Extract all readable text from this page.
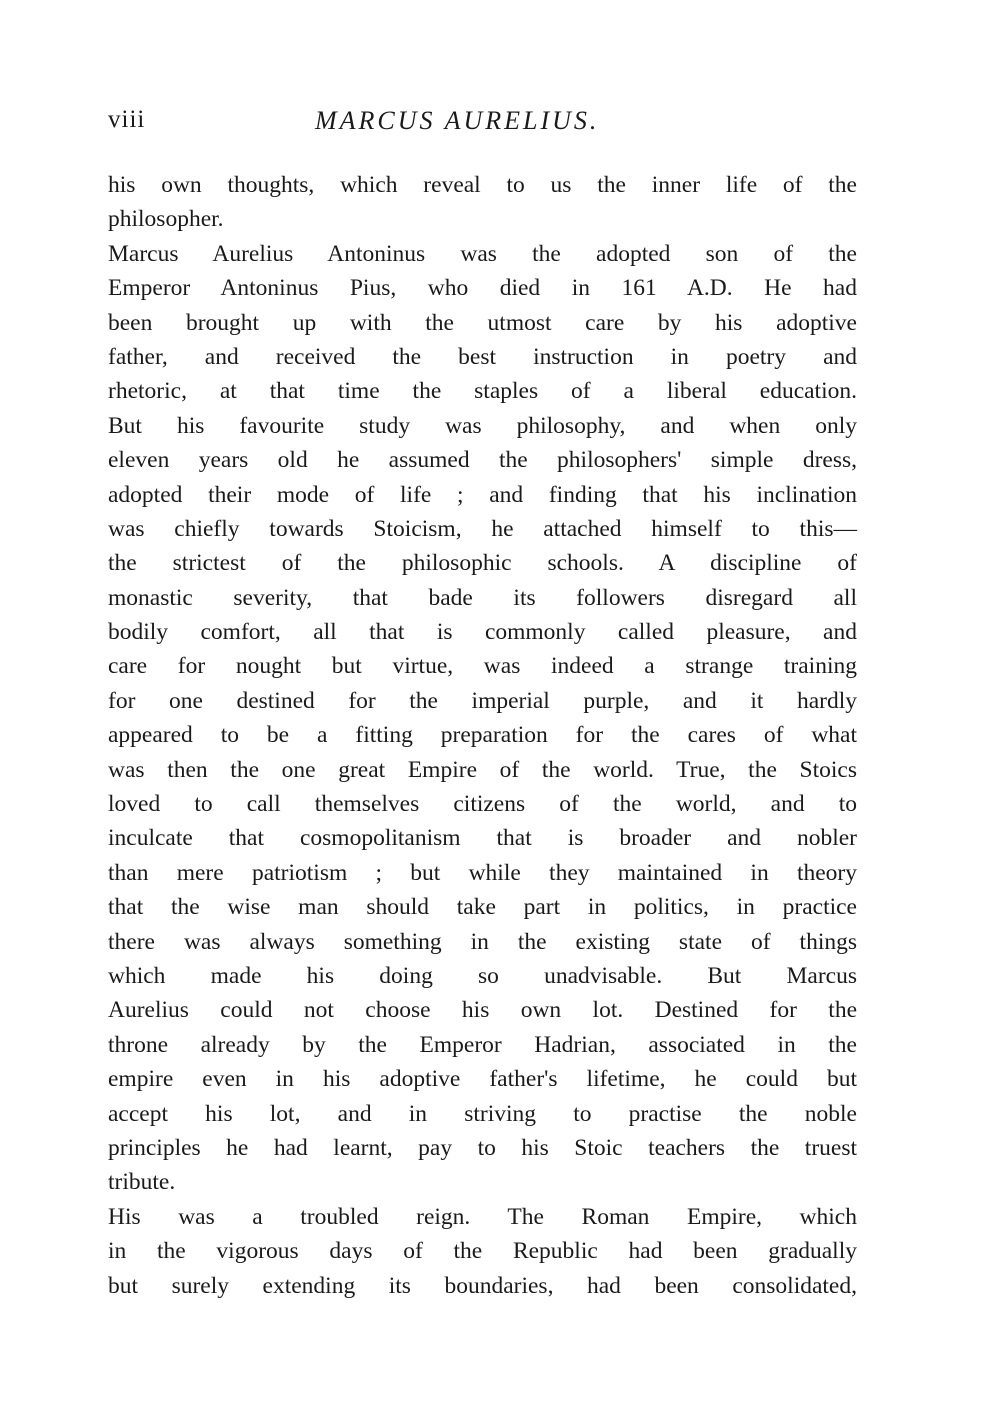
viii	MARCUS AURELIUS.
his own thoughts, which reveal to us the inner life of the
philosopher.
Marcus Aurelius Antoninus was the adopted son of the
Emperor Antoninus Pius, who died in 161 A.D. He had
been brought up with the utmost care by his adoptive
father, and received the best instruction in poetry and
rhetoric, at that time the staples of a liberal education.
But his favourite study was philosophy, and when only
eleven years old he assumed the philosophers' simple dress,
adopted their mode of life ; and finding that his inclination
was chiefly towards Stoicism, he attached himself to this—
the strictest of the philosophic schools. A discipline of
monastic severity, that bade its followers disregard all
bodily comfort, all that is commonly called pleasure, and
care for nought but virtue, was indeed a strange training
for one destined for the imperial purple, and it hardly
appeared to be a fitting preparation for the cares of what
was then the one great Empire of the world. True, the Stoics
loved to call themselves citizens of the world, and to
inculcate that cosmopolitanism that is broader and nobler
than mere patriotism ; but while they maintained in theory
that the wise man should take part in politics, in practice
there was always something in the existing state of things
which made his doing so unadvisable. But Marcus
Aurelius could not choose his own lot. Destined for the
throne already by the Emperor Hadrian, associated in the
empire even in his adoptive father's lifetime, he could but
accept his lot, and in striving to practise the noble
principles he had learnt, pay to his Stoic teachers the truest
tribute.
His was a troubled reign. The Roman Empire, which
in the vigorous days of the Republic had been gradually
but surely extending its boundaries, had been consolidated,
